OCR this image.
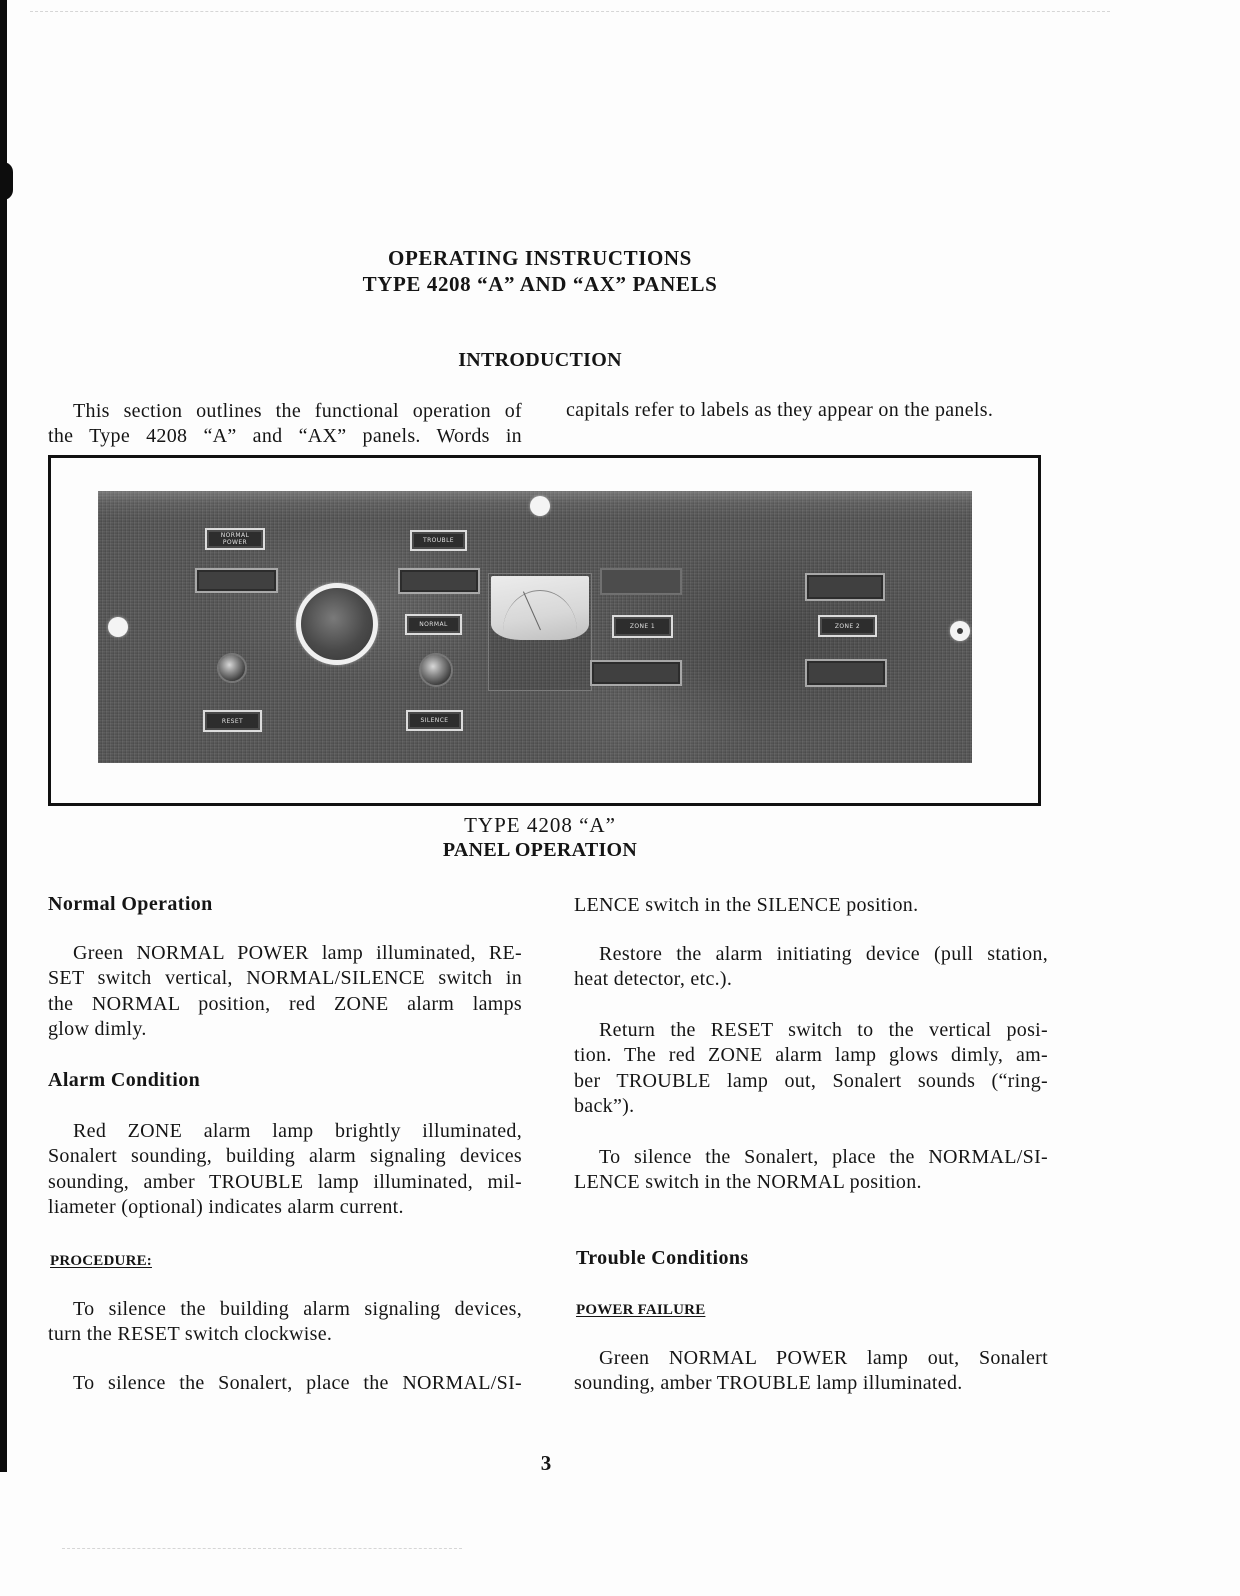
OPERATING INSTRUCTIONS
TYPE 4208 “A” AND “AX” PANELS
INTRODUCTION
This section outlines the functional operation of
the Type 4208 “A” and “AX” panels. Words in
capitals refer to labels as they appear on the panels.
NORMAL POWER
RESET
TROUBLE
NORMAL
SILENCE
ZONE 1	ZONE 2
TYPE 4208 “A”
PANEL OPERATION
Normal Operation
Green NORMAL POWER lamp illuminated, RE-
SET switch vertical, NORMAL/SILENCE switch in
the NORMAL position, red ZONE alarm lamps
glow dimly.
Alarm Condition
Red ZONE alarm lamp brightly illuminated,
Sonalert sounding, building alarm signaling devices
sounding, amber TROUBLE lamp illuminated, mil-
liameter (optional) indicates alarm current.
PROCEDURE:
To silence the building alarm signaling devices,
turn the RESET switch clockwise.
To silence the Sonalert, place the NORMAL/SI-
LENCE switch in the SILENCE position.
Restore the alarm initiating device (pull station,
heat detector, etc.).
Return the RESET switch to the vertical posi-
tion. The red ZONE alarm lamp glows dimly, am-
ber TROUBLE lamp out, Sonalert sounds (“ring-
back”).
To silence the Sonalert, place the NORMAL/SI-
LENCE switch in the NORMAL position.
Trouble Conditions
POWER FAILURE
Green NORMAL POWER lamp out, Sonalert
sounding, amber TROUBLE lamp illuminated.
3
